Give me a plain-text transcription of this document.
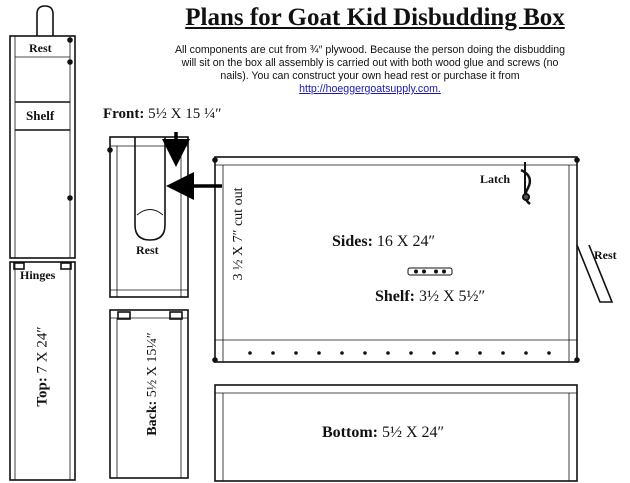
Plans for Goat Kid Disbudding Box
All components are cut from ¾″ plywood. Because the person doing the disbudding
will sit on the box all assembly is carried out with both wood glue and screws (no
nails). You can construct your own head rest or purchase it from
http://hoeggergoatsupply.com.
Rest
Shelf
Hinges
Top: 7 X 24″
Front: 5½ X 15 ¼″
Rest	3 ½ X 7″ cut out
Back: 5½ X 15¼″
Latch
Rest
Sides: 16 X 24″
Shelf: 3½ X 5½″
Bottom: 5½ X 24″
